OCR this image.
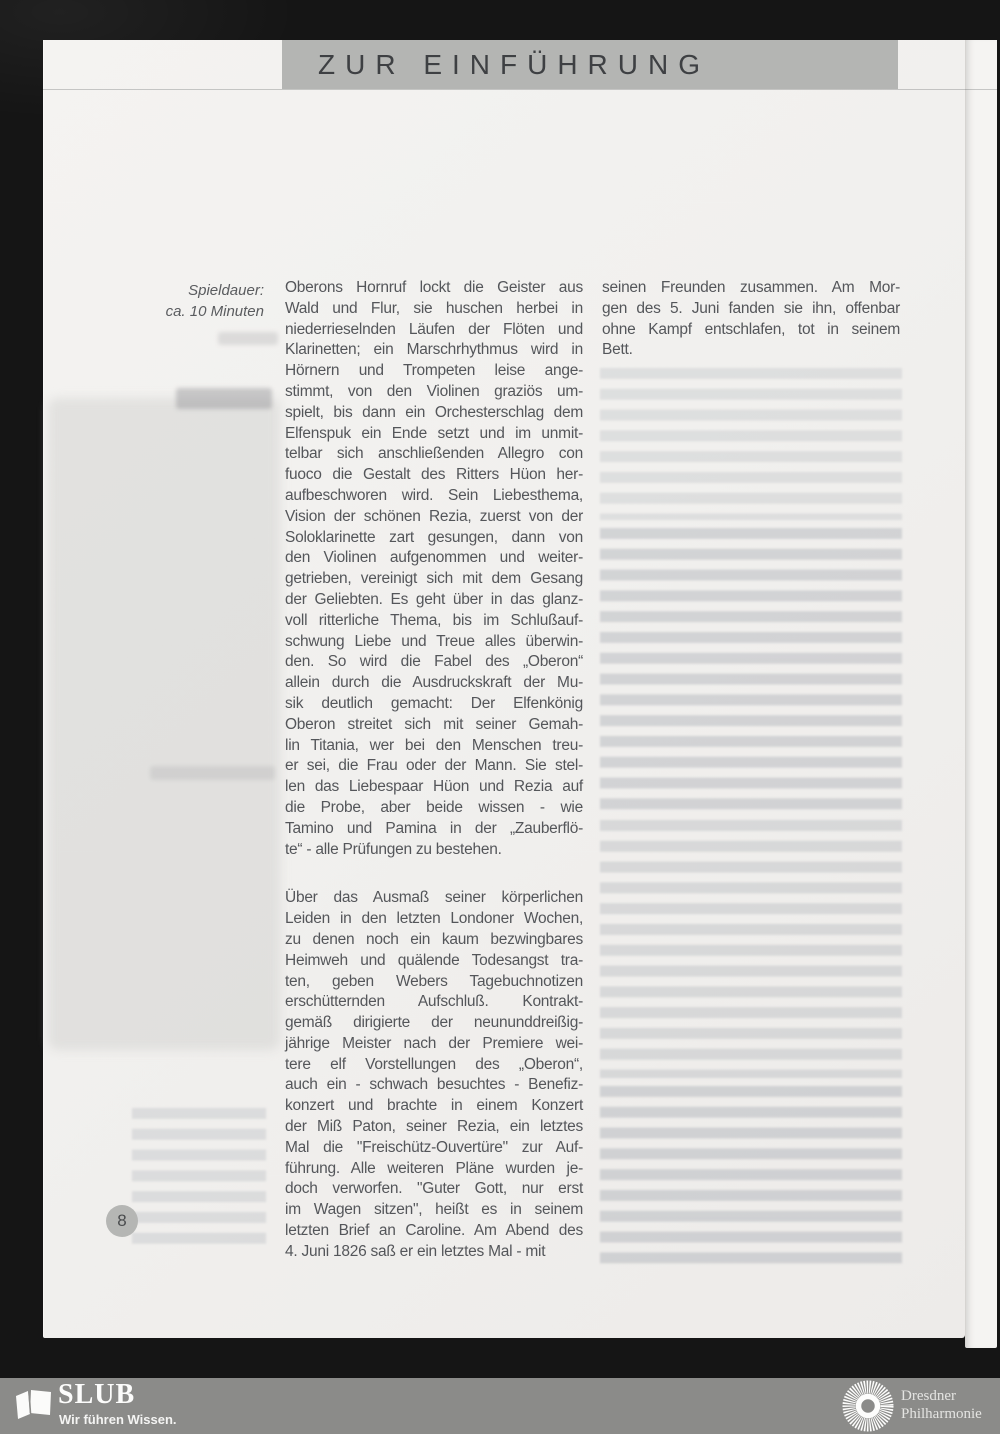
ZUR EINFÜHRUNG
Spieldauer:
ca. 10 Minuten
Oberons Hornruf lockt die Geister aus
Wald und Flur, sie huschen herbei in
niederrieselnden Läufen der Flöten und
Klarinetten; ein Marschrhythmus wird in
Hörnern und Trompeten leise ange-
stimmt, von den Violinen graziös um-
spielt, bis dann ein Orchesterschlag dem
Elfenspuk ein Ende setzt und im unmit-
telbar sich anschließenden Allegro con
fuoco die Gestalt des Ritters Hüon her-
aufbeschworen wird. Sein Liebesthema,
Vision der schönen Rezia, zuerst von der
Soloklarinette zart gesungen, dann von
den Violinen aufgenommen und weiter-
getrieben, vereinigt sich mit dem Gesang
der Geliebten. Es geht über in das glanz-
voll ritterliche Thema, bis im Schlußauf-
schwung Liebe und Treue alles überwin-
den. So wird die Fabel des „Oberon“
allein durch die Ausdruckskraft der Mu-
sik deutlich gemacht: Der Elfenkönig
Oberon streitet sich mit seiner Gemah-
lin Titania, wer bei den Menschen treu-
er sei, die Frau oder der Mann. Sie stel-
len das Liebespaar Hüon und Rezia auf
die Probe, aber beide wissen - wie
Tamino und Pamina in der „Zauberflö-
te“ - alle Prüfungen zu bestehen.
Über das Ausmaß seiner körperlichen
Leiden in den letzten Londoner Wochen,
zu denen noch ein kaum bezwingbares
Heimweh und quälende Todesangst tra-
ten, geben Webers Tagebuchnotizen
erschütternden Aufschluß. Kontrakt-
gemäß dirigierte der neununddreißig-
jährige Meister nach der Premiere wei-
tere elf Vorstellungen des „Oberon“,
auch ein - schwach besuchtes - Benefiz-
konzert und brachte in einem Konzert
der Miß Paton, seiner Rezia, ein letztes
Mal die "Freischütz-Ouvertüre" zur Auf-
führung. Alle weiteren Pläne wurden je-
doch verworfen. "Guter Gott, nur erst
im Wagen sitzen", heißt es in seinem
letzten Brief an Caroline. Am Abend des
4. Juni 1826 saß er ein letztes Mal - mit
seinen Freunden zusammen. Am Mor-
gen des 5. Juni fanden sie ihn, offenbar
ohne Kampf entschlafen, tot in seinem
Bett.
8
SLUB
Wir führen Wissen.
Dresdner
Philharmonie
